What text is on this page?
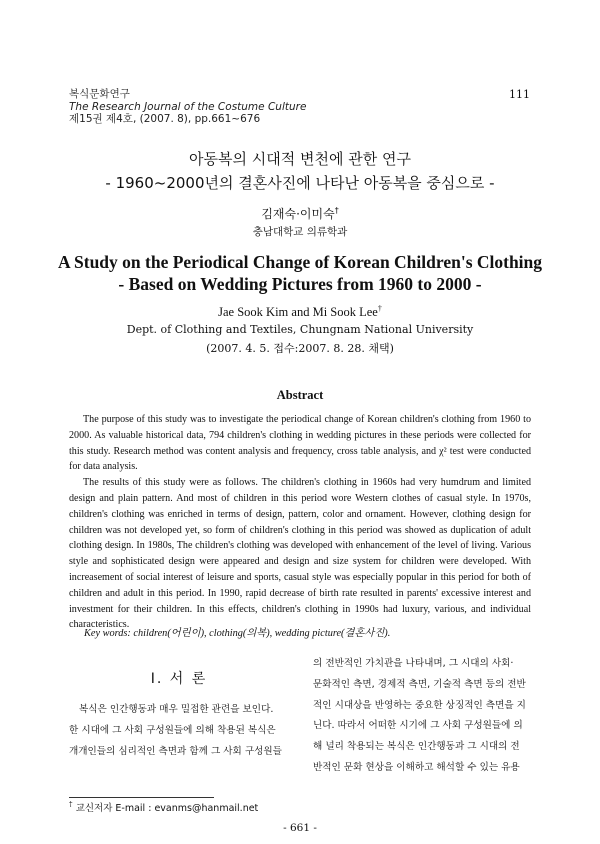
복식문화연구
The Research Journal of the Costume Culture
제15권 제4호, (2007. 8), pp.661~676
111
아동복의 시대적 변천에 관한 연구
- 1960~2000년의 결혼사진에 나타난 아동복을 중심으로 -
김재숙·이미숙†
충남대학교 의류학과
A Study on the Periodical Change of Korean Children's Clothing
- Based on Wedding Pictures from 1960 to 2000 -
Jae Sook Kim and Mi Sook Lee†
Dept. of Clothing and Textiles, Chungnam National University
(2007. 4. 5. 접수:2007. 8. 28. 채택)
Abstract

The purpose of this study was to investigate the periodical change of Korean children's clothing from 1960 to 2000. As valuable historical data, 794 children's clothing in wedding pictures in these periods were collected for this study. Research method was content analysis and frequency, cross table analysis, and χ² test were conducted for data analysis.

The results of this study were as follows. The children's clothing in 1960s had very humdrum and limited design and plain pattern. And most of children in this period wore Western clothes of casual style. In 1970s, children's clothing was enriched in terms of design, pattern, color and ornament. However, clothing design for children was not developed yet, so form of children's clothing in this period was showed as duplication of adult clothing design. In 1980s, The children's clothing was developed with enhancement of the level of living. Various style and sophisticated design were appeared and design and size system for children were developed. With increasement of social interest of leisure and sports, casual style was especially popular in this period for both of children and adult in this period. In 1990, rapid decrease of birth rate resulted in parents' excessive interest and investment for their children. In this effects, children's clothing in 1990s had luxury, various, and individual characteristics.

Key words: children(어린이), clothing(의복), wedding picture(결혼사진).
Ⅰ. 서 론
복식은 인간행동과 매우 밀접한 관련을 보인다.
한 시대에 그 사회 구성원들에 의해 착용된 복식은
개개인들의 심리적인 측면과 함께 그 사회 구성원들
의 전반적인 가치관을 나타내며, 그 시대의 사회·
문화적인 측면, 경제적 측면, 기술적 측면 등의 전반
적인 시대상을 반영하는 중요한 상징적인 측면을 지
닌다. 따라서 어떠한 시기에 그 사회 구성원들에 의
해 널리 착용되는 복식은 인간행동과 그 시대의 전
반적인 문화 현상을 이해하고 해석할 수 있는 유용
† 교신저자 E-mail : evanms@hanmail.net
- 661 -
